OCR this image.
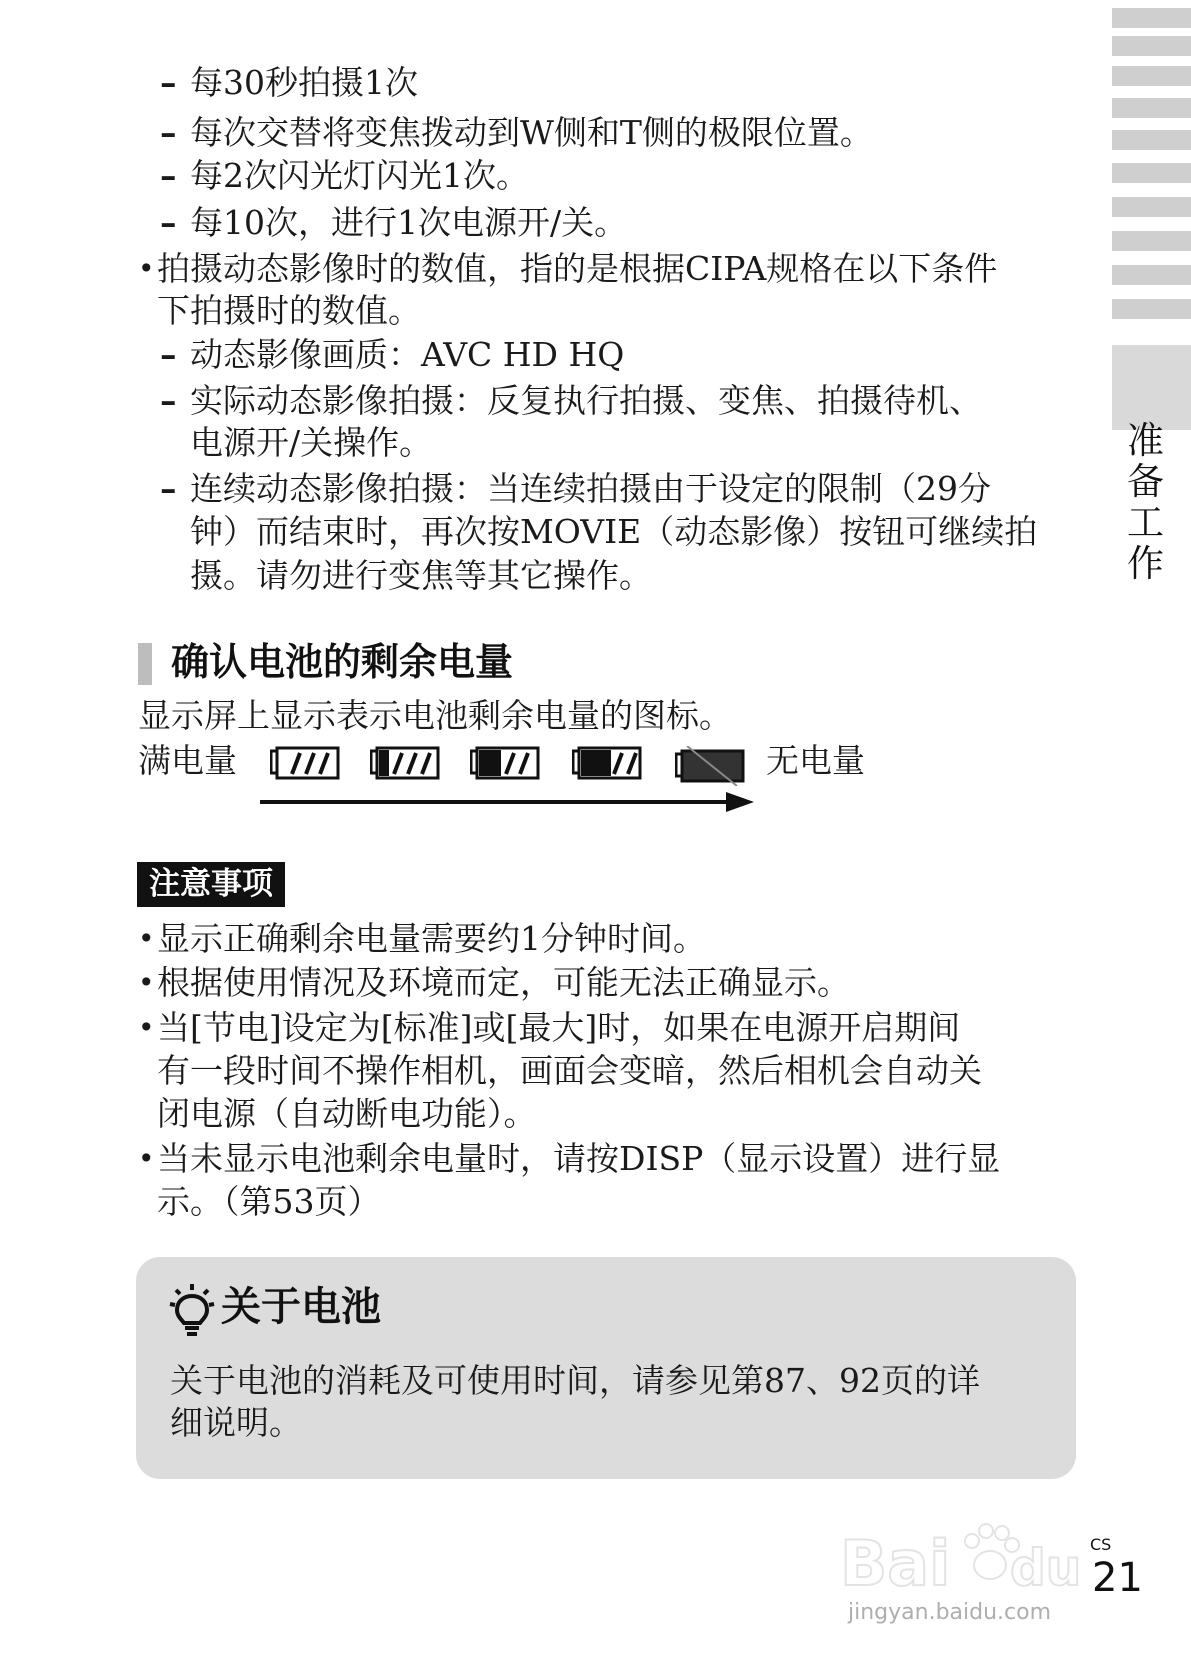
准备工作
– 每30秒拍摄1次
– 每次交替将变焦拨动到W侧和T侧的极限位置。
– 每2次闪光灯闪光1次。
– 每10次，进行1次电源开/关。
• 拍摄动态影像时的数值，指的是根据CIPA规格在以下条件
下拍摄时的数值。
– 动态影像画质：AVC HD HQ
– 实际动态影像拍摄：反复执行拍摄、变焦、拍摄待机、
电源开/关操作。
– 连续动态影像拍摄：当连续拍摄由于设定的限制（29分
钟）而结束时，再次按MOVIE（动态影像）按钮可继续拍
摄。请勿进行变焦等其它操作。
确认电池的剩余电量
显示屏上显示表示电池剩余电量的图标。
满电量	无电量
注意事项
• 显示正确剩余电量需要约1分钟时间。
• 根据使用情况及环境而定，可能无法正确显示。
• 当[节电]设定为[标准]或[最大]时，如果在电源开启期间
有一段时间不操作相机，画面会变暗，然后相机会自动关
闭电源（自动断电功能）。
• 当未显示电池剩余电量时，请按DISP（显示设置）进行显
示。（第53页）
关于电池
关于电池的消耗及可使用时间，请参见第87、92页的详
细说明。
Bai du
jingyan.baidu.com
CS
21
